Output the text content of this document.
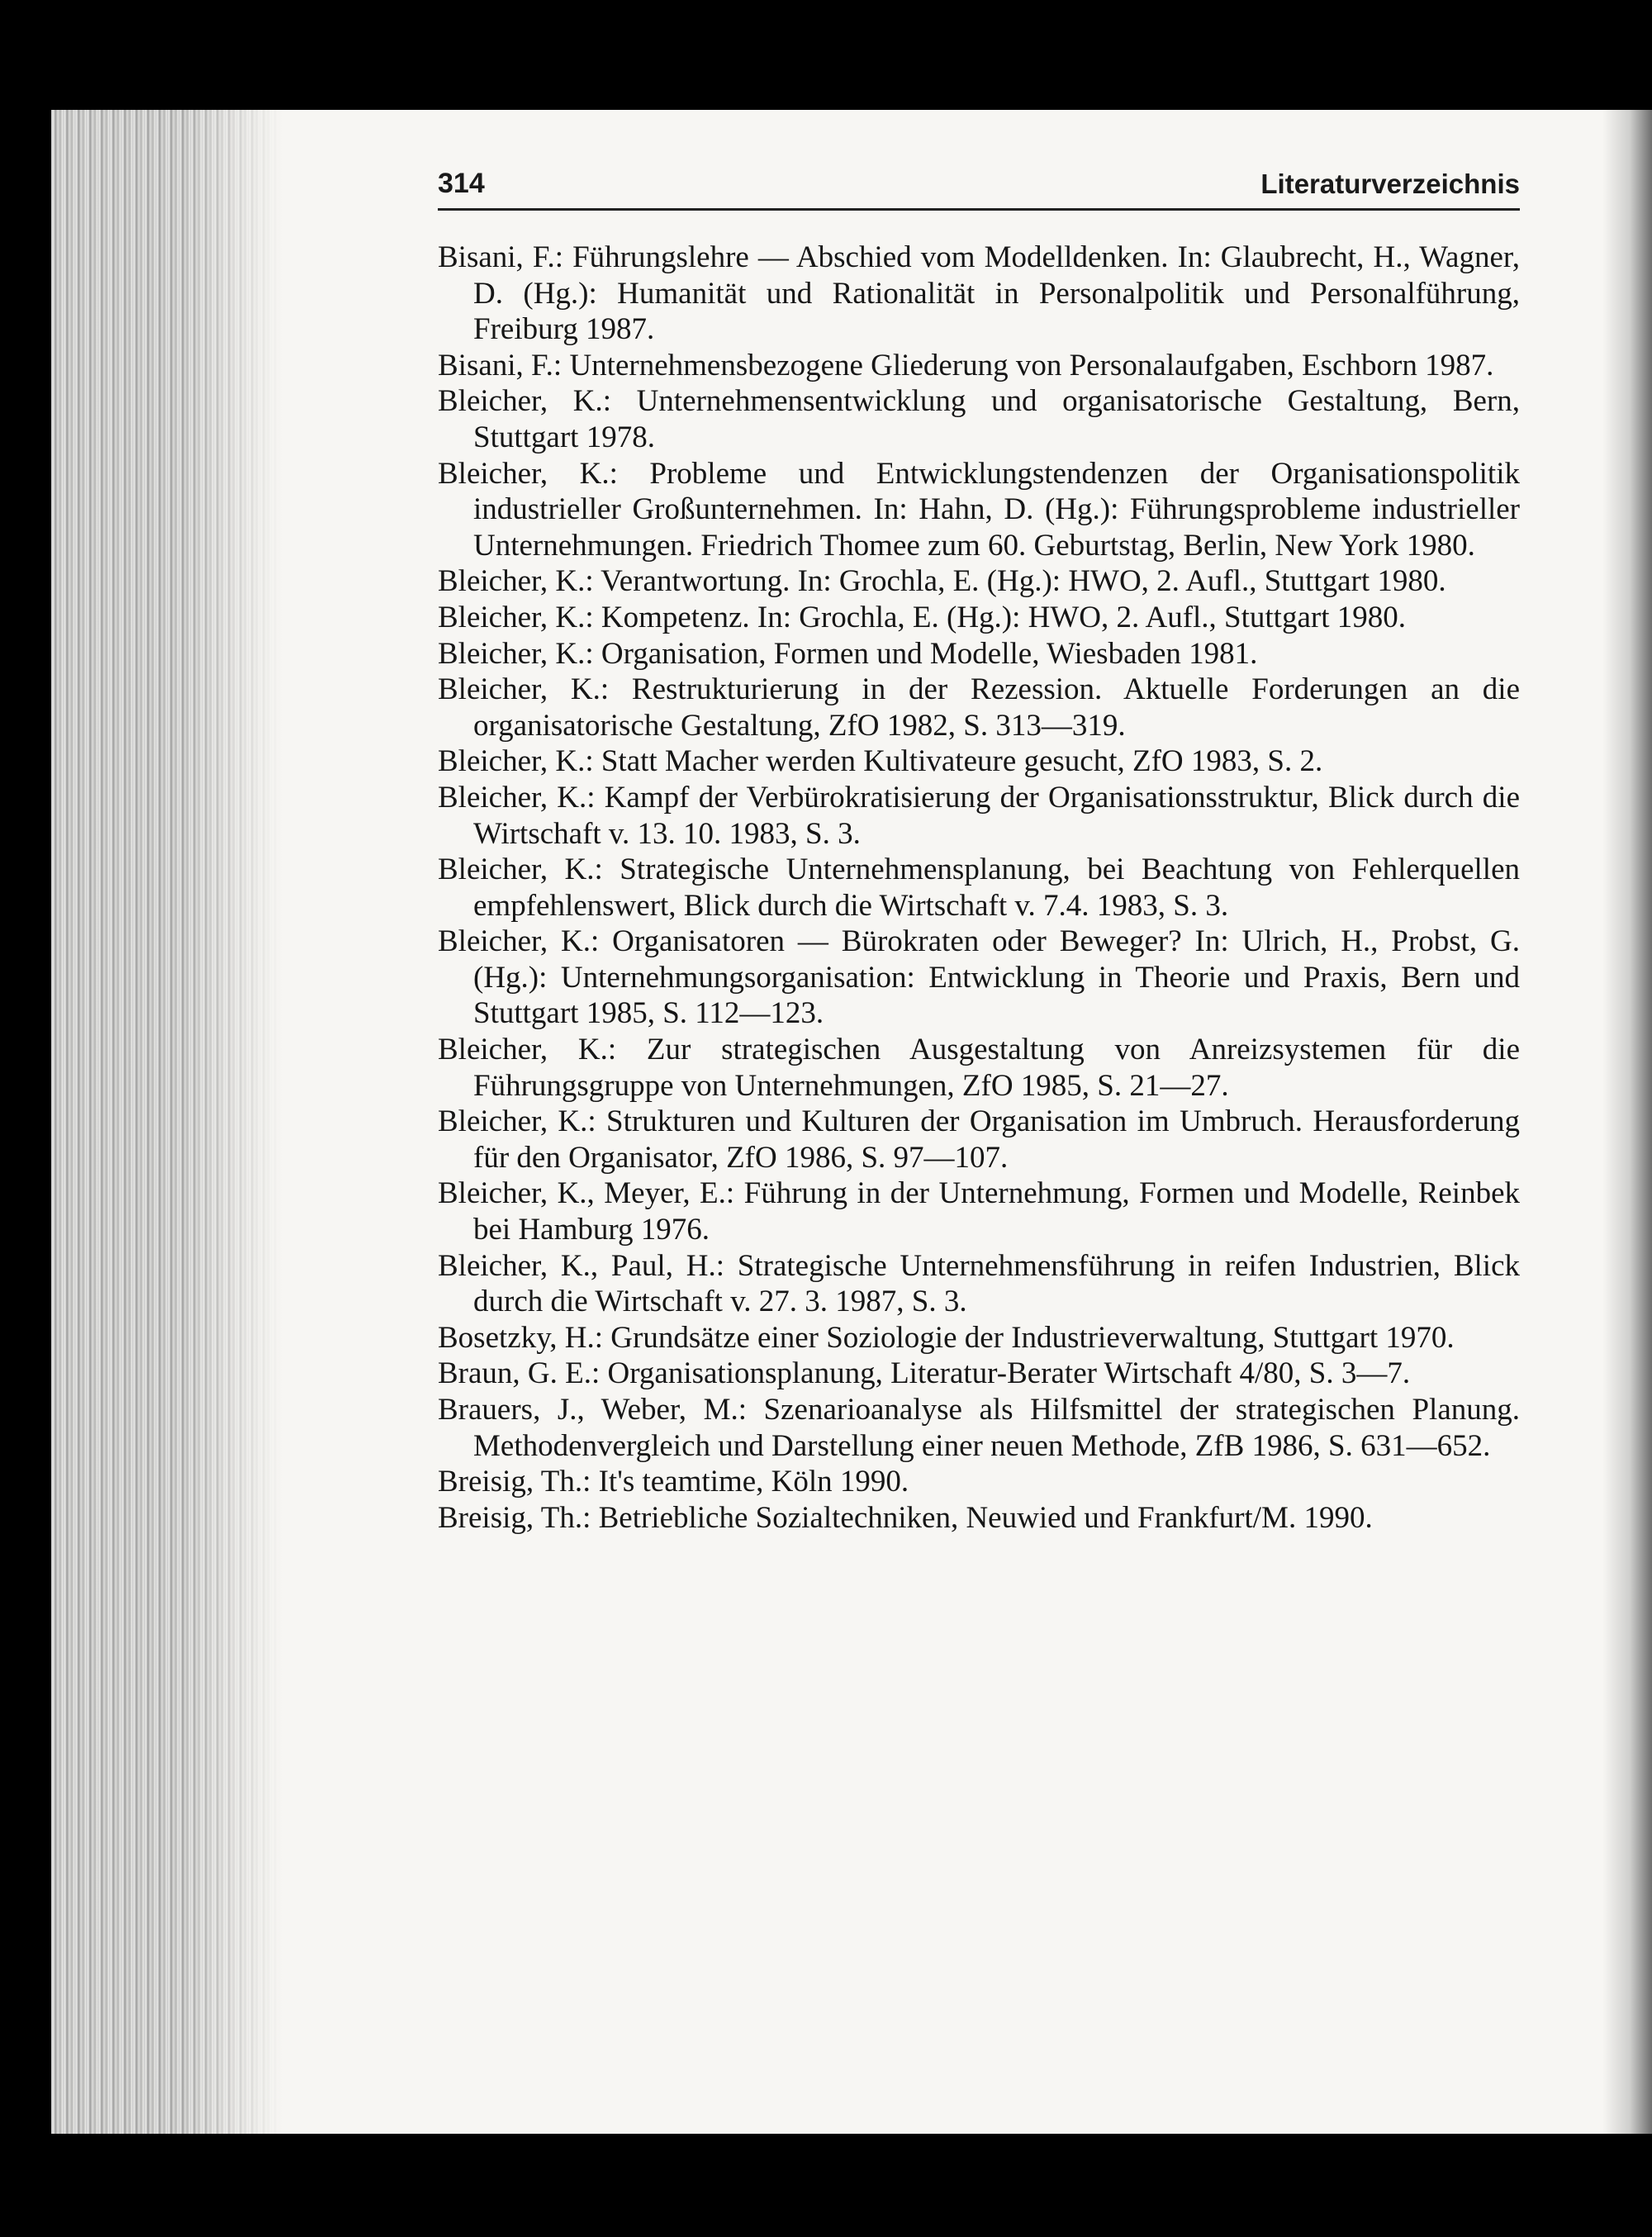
314	Literaturverzeichnis
Bisani, F.: Führungslehre — Abschied vom Modelldenken. In: Glaubrecht, H., Wagner, D. (Hg.): Humanität und Rationalität in Personalpolitik und Personalführung, Freiburg 1987.
Bisani, F.: Unternehmensbezogene Gliederung von Personalaufgaben, Eschborn 1987.
Bleicher, K.: Unternehmensentwicklung und organisatorische Gestaltung, Bern, Stuttgart 1978.
Bleicher, K.: Probleme und Entwicklungstendenzen der Organisationspolitik industrieller Großunternehmen. In: Hahn, D. (Hg.): Führungsprobleme industrieller Unternehmungen. Friedrich Thomee zum 60. Geburtstag, Berlin, New York 1980.
Bleicher, K.: Verantwortung. In: Grochla, E. (Hg.): HWO, 2. Aufl., Stuttgart 1980.
Bleicher, K.: Kompetenz. In: Grochla, E. (Hg.): HWO, 2. Aufl., Stuttgart 1980.
Bleicher, K.: Organisation, Formen und Modelle, Wiesbaden 1981.
Bleicher, K.: Restrukturierung in der Rezession. Aktuelle Forderungen an die organisatorische Gestaltung, ZfO 1982, S. 313—319.
Bleicher, K.: Statt Macher werden Kultivateure gesucht, ZfO 1983, S. 2.
Bleicher, K.: Kampf der Verbürokratisierung der Organisationsstruktur, Blick durch die Wirtschaft v. 13. 10. 1983, S. 3.
Bleicher, K.: Strategische Unternehmensplanung, bei Beachtung von Fehlerquellen empfehlenswert, Blick durch die Wirtschaft v. 7.4. 1983, S. 3.
Bleicher, K.: Organisatoren — Bürokraten oder Beweger? In: Ulrich, H., Probst, G. (Hg.): Unternehmungsorganisation: Entwicklung in Theorie und Praxis, Bern und Stuttgart 1985, S. 112—123.
Bleicher, K.: Zur strategischen Ausgestaltung von Anreizsystemen für die Führungsgruppe von Unternehmungen, ZfO 1985, S. 21—27.
Bleicher, K.: Strukturen und Kulturen der Organisation im Umbruch. Herausforderung für den Organisator, ZfO 1986, S. 97—107.
Bleicher, K., Meyer, E.: Führung in der Unternehmung, Formen und Modelle, Reinbek bei Hamburg 1976.
Bleicher, K., Paul, H.: Strategische Unternehmensführung in reifen Industrien, Blick durch die Wirtschaft v. 27. 3. 1987, S. 3.
Bosetzky, H.: Grundsätze einer Soziologie der Industrieverwaltung, Stuttgart 1970.
Braun, G. E.: Organisationsplanung, Literatur-Berater Wirtschaft 4/80, S. 3—7.
Brauers, J., Weber, M.: Szenarioanalyse als Hilfsmittel der strategischen Planung. Methodenvergleich und Darstellung einer neuen Methode, ZfB 1986, S. 631—652.
Breisig, Th.: It's teamtime, Köln 1990.
Breisig, Th.: Betriebliche Sozialtechniken, Neuwied und Frankfurt/M. 1990.
